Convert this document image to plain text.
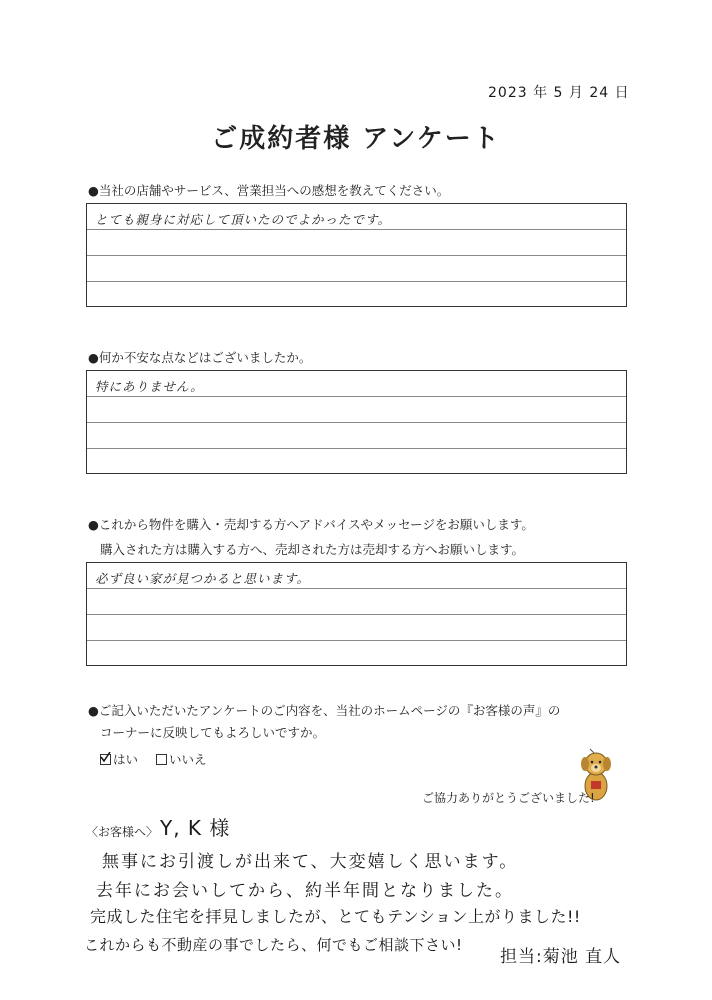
2023 年 5 月 24 日
ご成約者様 アンケート
●当社の店舗やサービス、営業担当への感想を教えてください。
とても親身に対応して頂いたのでよかったです。
●何か不安な点などはございましたか。
特にありません。
●これから物件を購入・売却する方へアドバイスやメッセージをお願いします。
購入された方は購入する方へ、売却された方は売却する方へお願いします。
必ず良い家が見つかると思います。
●ご記入いただいたアンケートのご内容を、当社のホームページの『お客様の声』の
コーナーに反映してもよろしいですか。
はい いいえ
ご協力ありがとうございました!
〈お客様へ〉 Y, K 様
無事にお引渡しが出来て、大変嬉しく思います。
去年にお会いしてから、約半年間となりました。
完成した住宅を拝見しましたが、とてもテンション上がりました!!
これからも不動産の事でしたら、何でもご相談下さい!
担当:菊池 直人
